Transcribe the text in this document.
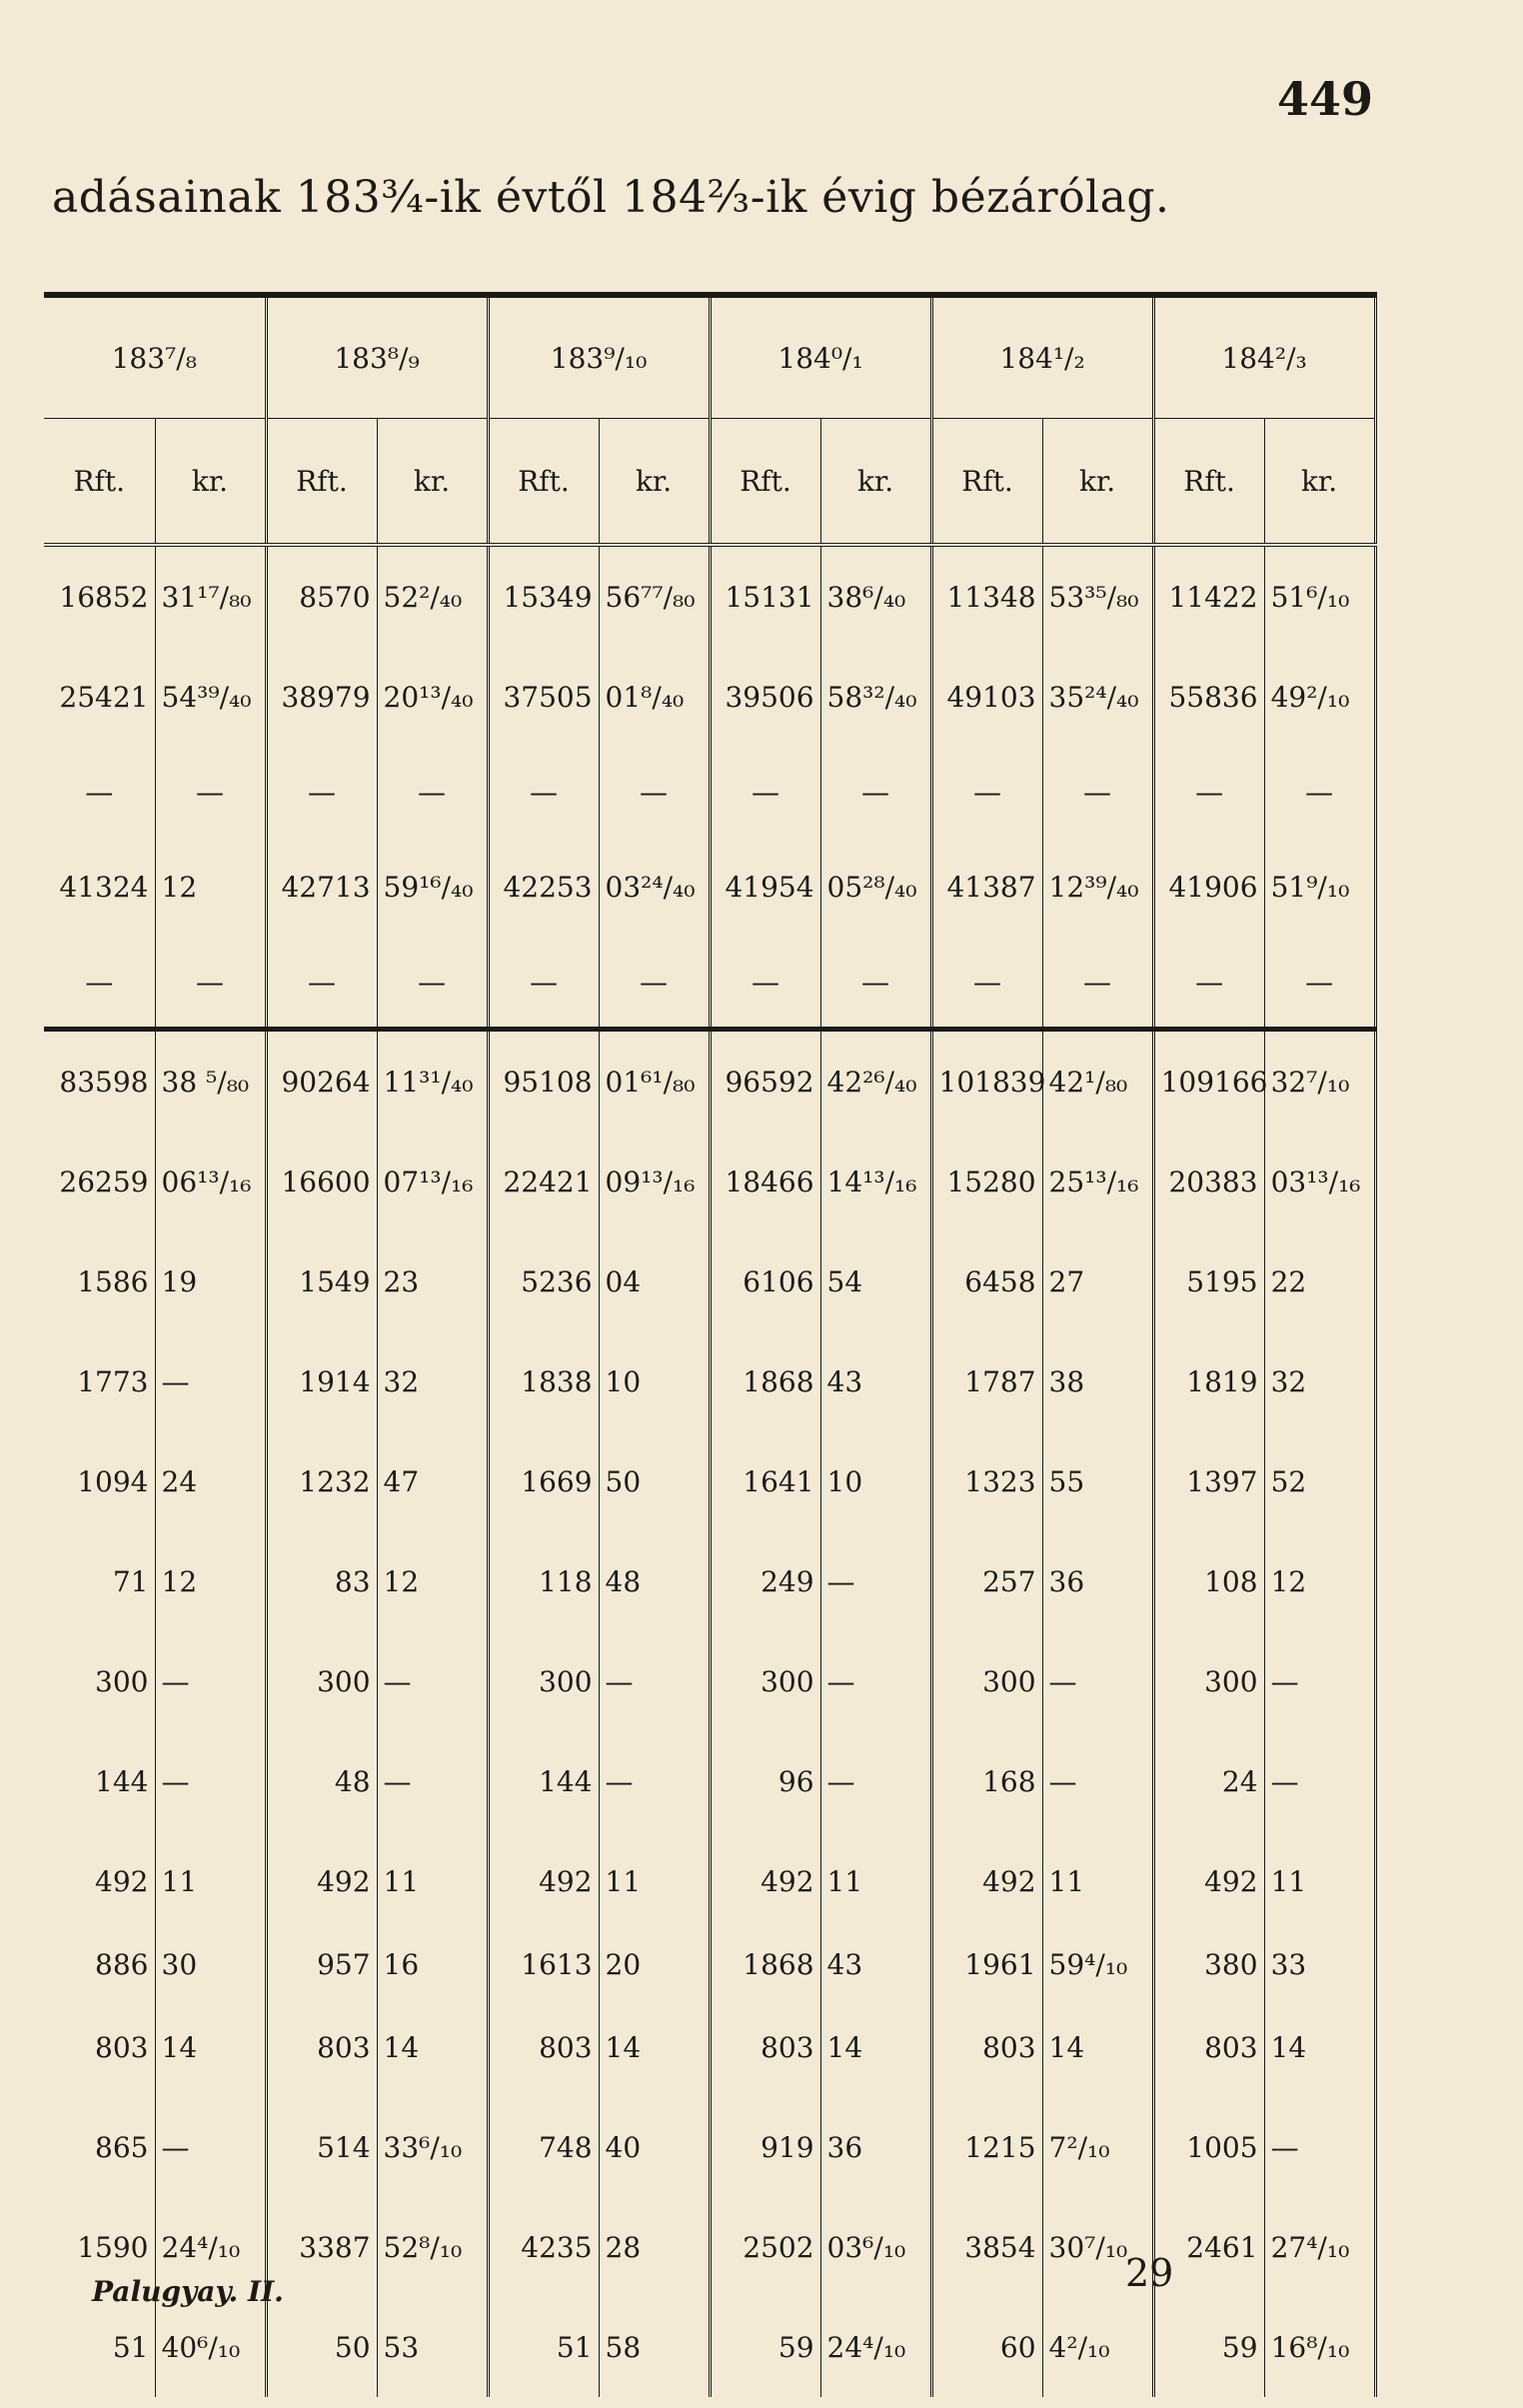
449
adásainak 183¾-ik évtől 184⅔-ik évig bézárólag.
183⁷/₈		183⁸/₉		183⁹/₁₀		184⁰/₁		184¹/₂		184²/₃	
Rft.	kr.	Rft.	kr.	Rft.	kr.	Rft.	kr.	Rft.	kr.	Rft.	kr.
16852	31¹⁷/₈₀	8570	52²/₄₀	15349	56⁷⁷/₈₀	15131	38⁶/₄₀	11348	53³⁵/₈₀	11422	51⁶/₁₀
25421	54³⁹/₄₀	38979	20¹³/₄₀	37505	01⁸/₄₀	39506	58³²/₄₀	49103	35²⁴/₄₀	55836	49²/₁₀
—	—	—	—	—	—	—	—	—	—	—	—
41324	12	42713	59¹⁶/₄₀	42253	03²⁴/₄₀	41954	05²⁸/₄₀	41387	12³⁹/₄₀	41906	51⁹/₁₀
—	—	—	—	—	—	—	—	—	—	—	—
83598	38 ⁵/₈₀	90264	11³¹/₄₀	95108	01⁶¹/₈₀	96592	42²⁶/₄₀	101839	42¹/₈₀	109166	32⁷/₁₀
26259	06¹³/₁₆	16600	07¹³/₁₆	22421	09¹³/₁₆	18466	14¹³/₁₆	15280	25¹³/₁₆	20383	03¹³/₁₆
1586	19	1549	23	5236	04	6106	54	6458	27	5195	22
1773	—	1914	32	1838	10	1868	43	1787	38	1819	32
1094	24	1232	47	1669	50	1641	10	1323	55	1397	52
71	12	83	12	118	48	249	—	257	36	108	12
300	—	300	—	300	—	300	—	300	—	300	—
144	—	48	—	144	—	96	—	168	—	24	—
492	11	492	11	492	11	492	11	492	11	492	11
886	30	957	16	1613	20	1868	43	1961	59⁴/₁₀	380	33
803	14	803	14	803	14	803	14	803	14	803	14
865	—	514	33⁶/₁₀	748	40	919	36	1215	7²/₁₀	1005	—
1590	24⁴/₁₀	3387	52⁸/₁₀	4235	28	2502	03⁶/₁₀	3854	30⁷/₁₀	2461	27⁴/₁₀
51	40⁶/₁₀	50	53	51	58	59	24⁴/₁₀	60	4²/₁₀	59	16⁸/₁₀
Palugyay. II.	29
